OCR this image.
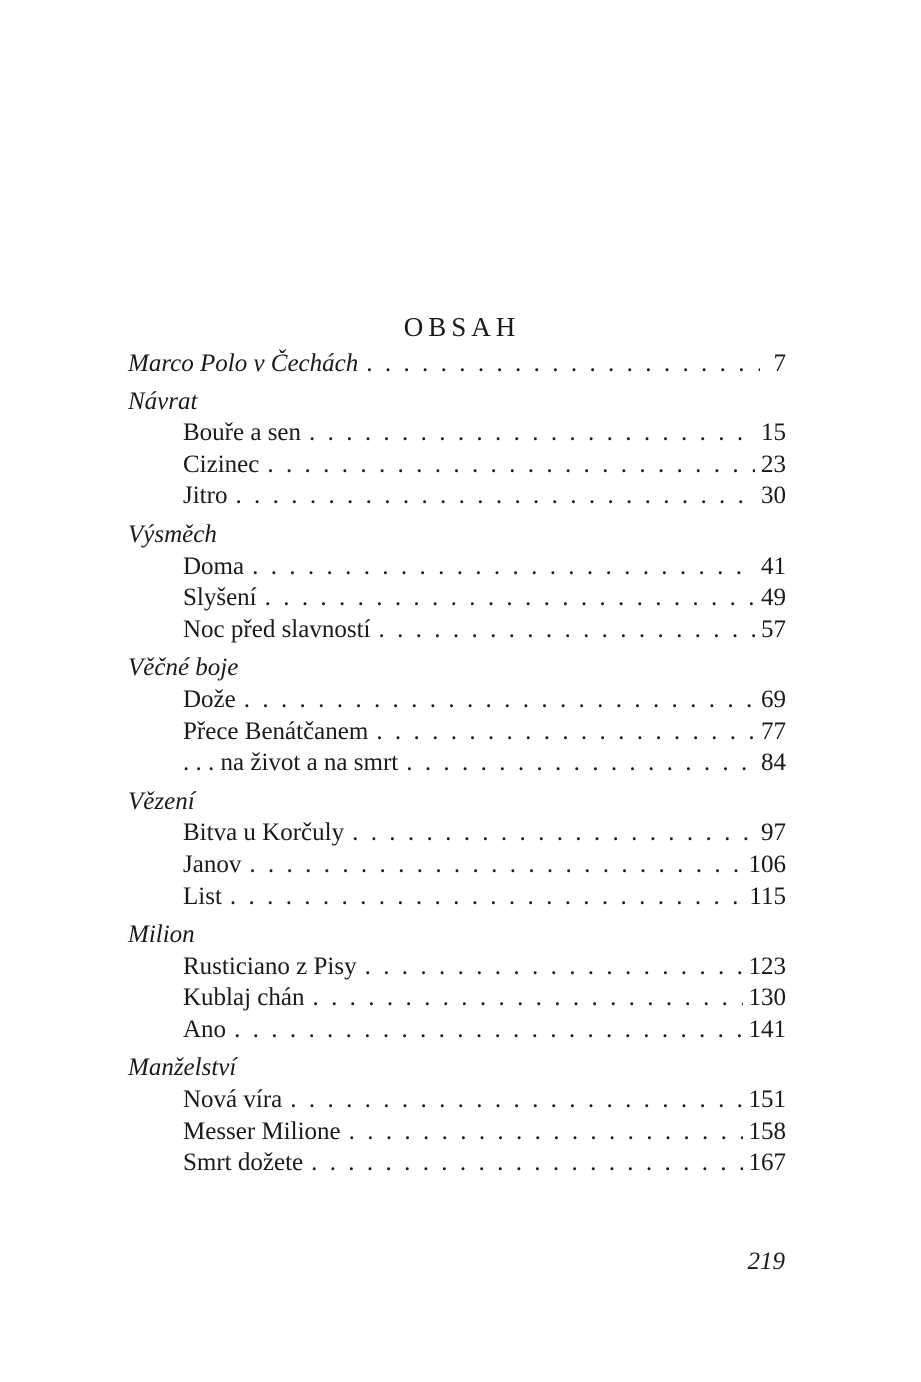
OBSAH
Marco Polo v Čechách . . .	7
Návrat
Bouře a sen . . .	15
Cizinec . . .	23
Jitro . . .	30
Výsměch
Doma . . .	41
Slyšení . . .	49
Noc před slavností . . .	57
Věčné boje
Dože . . .	69
Přece Benátčanem . . .	77
. . . na život a na smrt . . .	84
Vězení
Bitva u Korčuly . . .	97
Janov . . .	106
List . . .	115
Milion
Rusticiano z Pisy . . .	123
Kublaj chán . . .	130
Ano . . .	141
Manželství
Nová víra . . .	151
Messer Milione . . .	158
Smrt dožete . . .	167
219
